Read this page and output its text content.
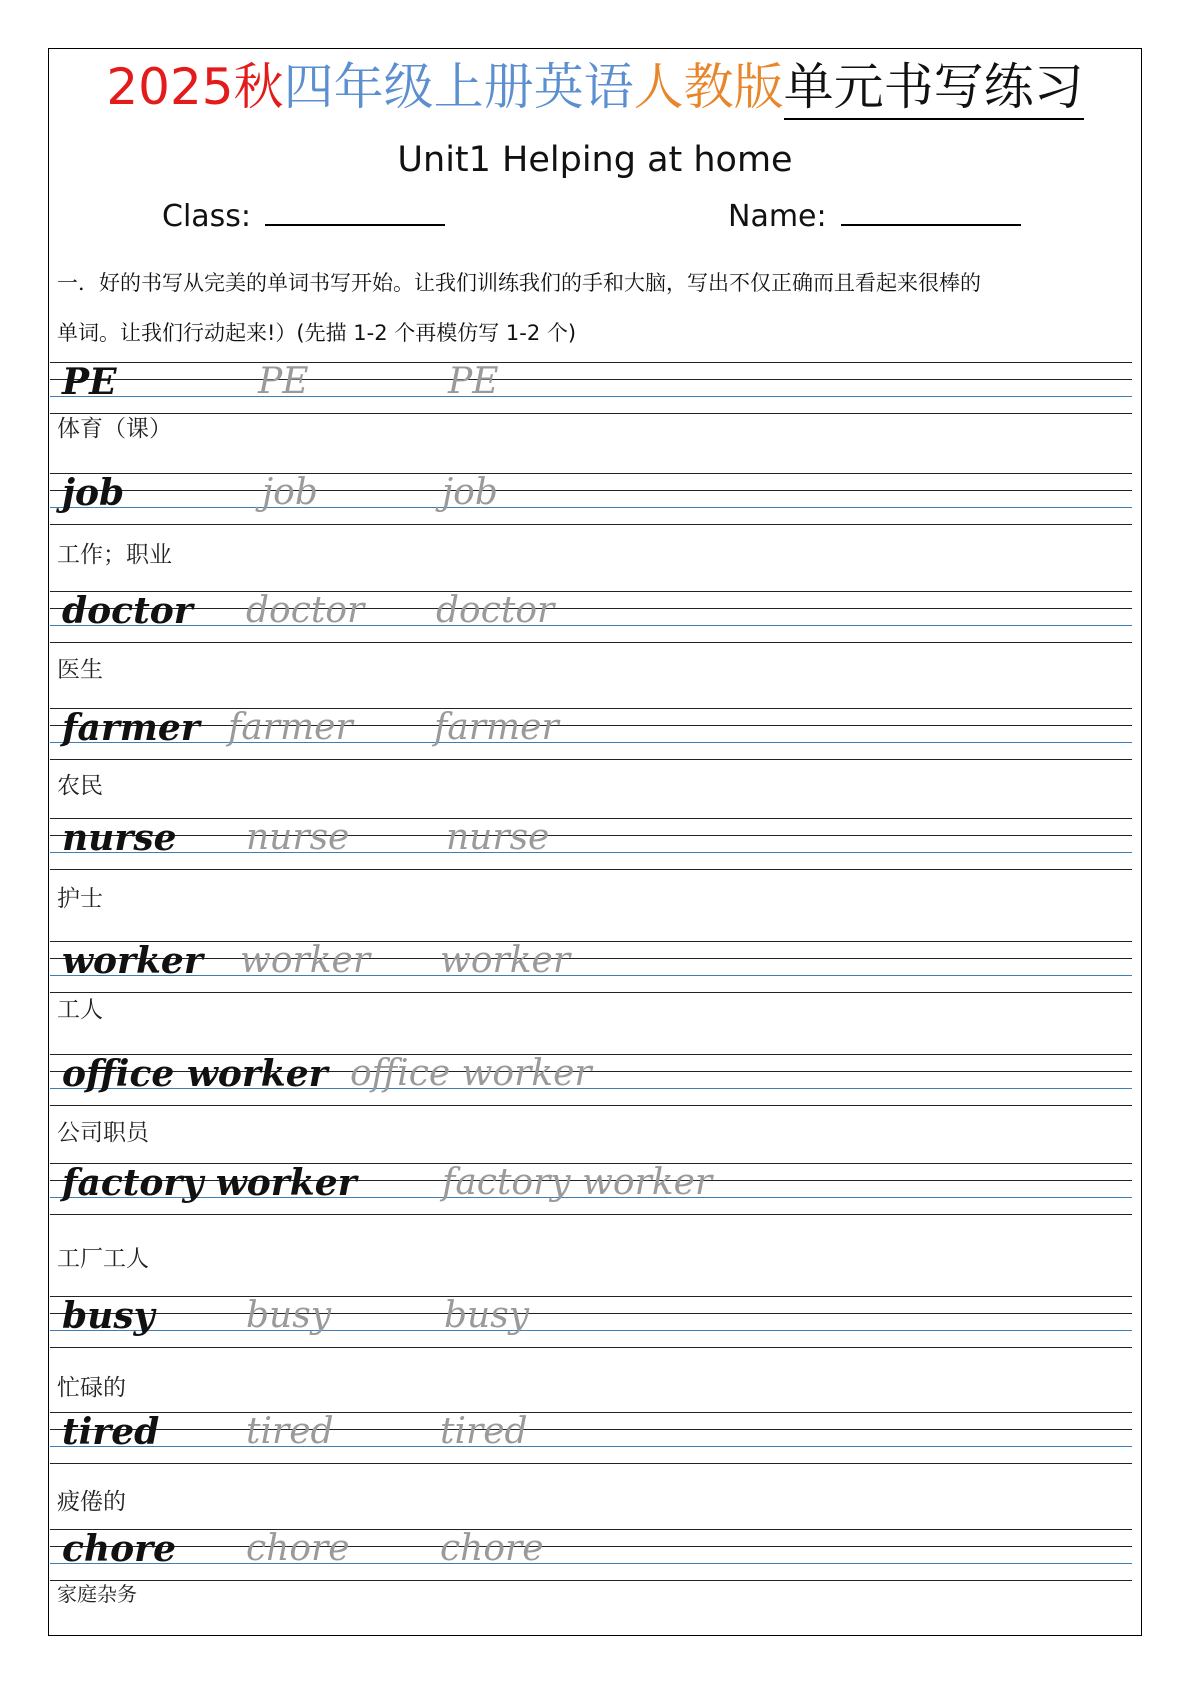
2025秋四年级上册英语人教版单元书写练习
Unit1 Helping at home
Class:	Name:
一．好的书写从完美的单词书写开始。让我们训练我们的手和大脑，写出不仅正确而且看起来很棒的
单词。让我们行动起来!）(先描 1-2 个再模仿写 1-2 个)
PE	PE	PE
体育（课）
job	job	job
工作；职业
doctor doctor doctor
医生
farmer farmer farmer
农民
nurse nurse	nurse
护士
worker worker worker
工人
office worker office worker
公司职员
factory worker factory worker
工厂工人
busy	busy	busy
忙碌的
tired tired	tired
疲倦的
chore chore	chore
家庭杂务
